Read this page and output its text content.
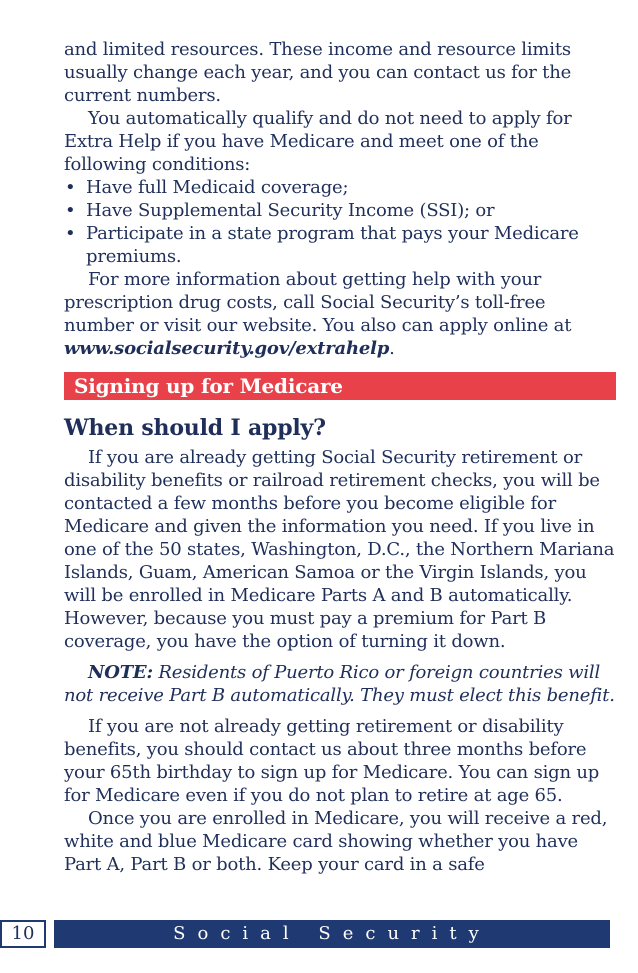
and limited resources. These income and resource limits usually change each year, and you can contact us for the current numbers.

You automatically qualify and do not need to apply for Extra Help if you have Medicare and meet one of the following conditions:

• Have full Medicaid coverage;
• Have Supplemental Security Income (SSI); or
• Participate in a state program that pays your Medicare premiums.

For more information about getting help with your prescription drug costs, call Social Security’s toll-free number or visit our website. You also can apply online at www.socialsecurity.gov/extrahelp.

Signing up for Medicare
When should I apply?

If you are already getting Social Security retirement or disability benefits or railroad retirement checks, you will be contacted a few months before you become eligible for Medicare and given the information you need. If you live in one of the 50 states, Washington, D.C., the Northern Mariana Islands, Guam, American Samoa or the Virgin Islands, you will be enrolled in Medicare Parts A and B automatically. However, because you must pay a premium for Part B coverage, you have the option of turning it down.

NOTE: Residents of Puerto Rico or foreign countries will not receive Part B automatically. They must elect this benefit.

If you are not already getting retirement or disability benefits, you should contact us about three months before your 65th birthday to sign up for Medicare. You can sign up for Medicare even if you do not plan to retire at age 65.

Once you are enrolled in Medicare, you will receive a red, white and blue Medicare card showing whether you have Part A, Part B or both. Keep your card in a safe

10	Social Security
